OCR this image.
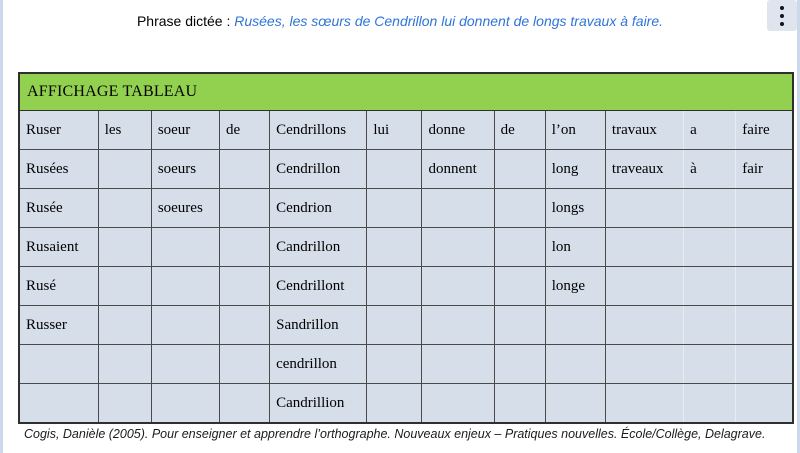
Phrase dictée : Rusées, les sœurs de Cendrillon lui donnent de longs travaux à faire.
AFFICHAGE TABLEAU											
Ruser	les	soeur	de	Cendrillons	lui	donne	de	l’on	travaux	a	faire
Rusées		soeurs		Cendrillon		donnent		long	traveaux	à	fair
Rusée		soeures		Cendrion				longs			
Rusaient				Candrillon				lon			
Rusé				Cendrillont				longe			
Russer				Sandrillon							
				cendrillon							
				Candrillion							
Cogis, Danièle (2005). Pour enseigner et apprendre l’orthographe. Nouveaux enjeux – Pratiques nouvelles. École/Collège, Delagrave.
